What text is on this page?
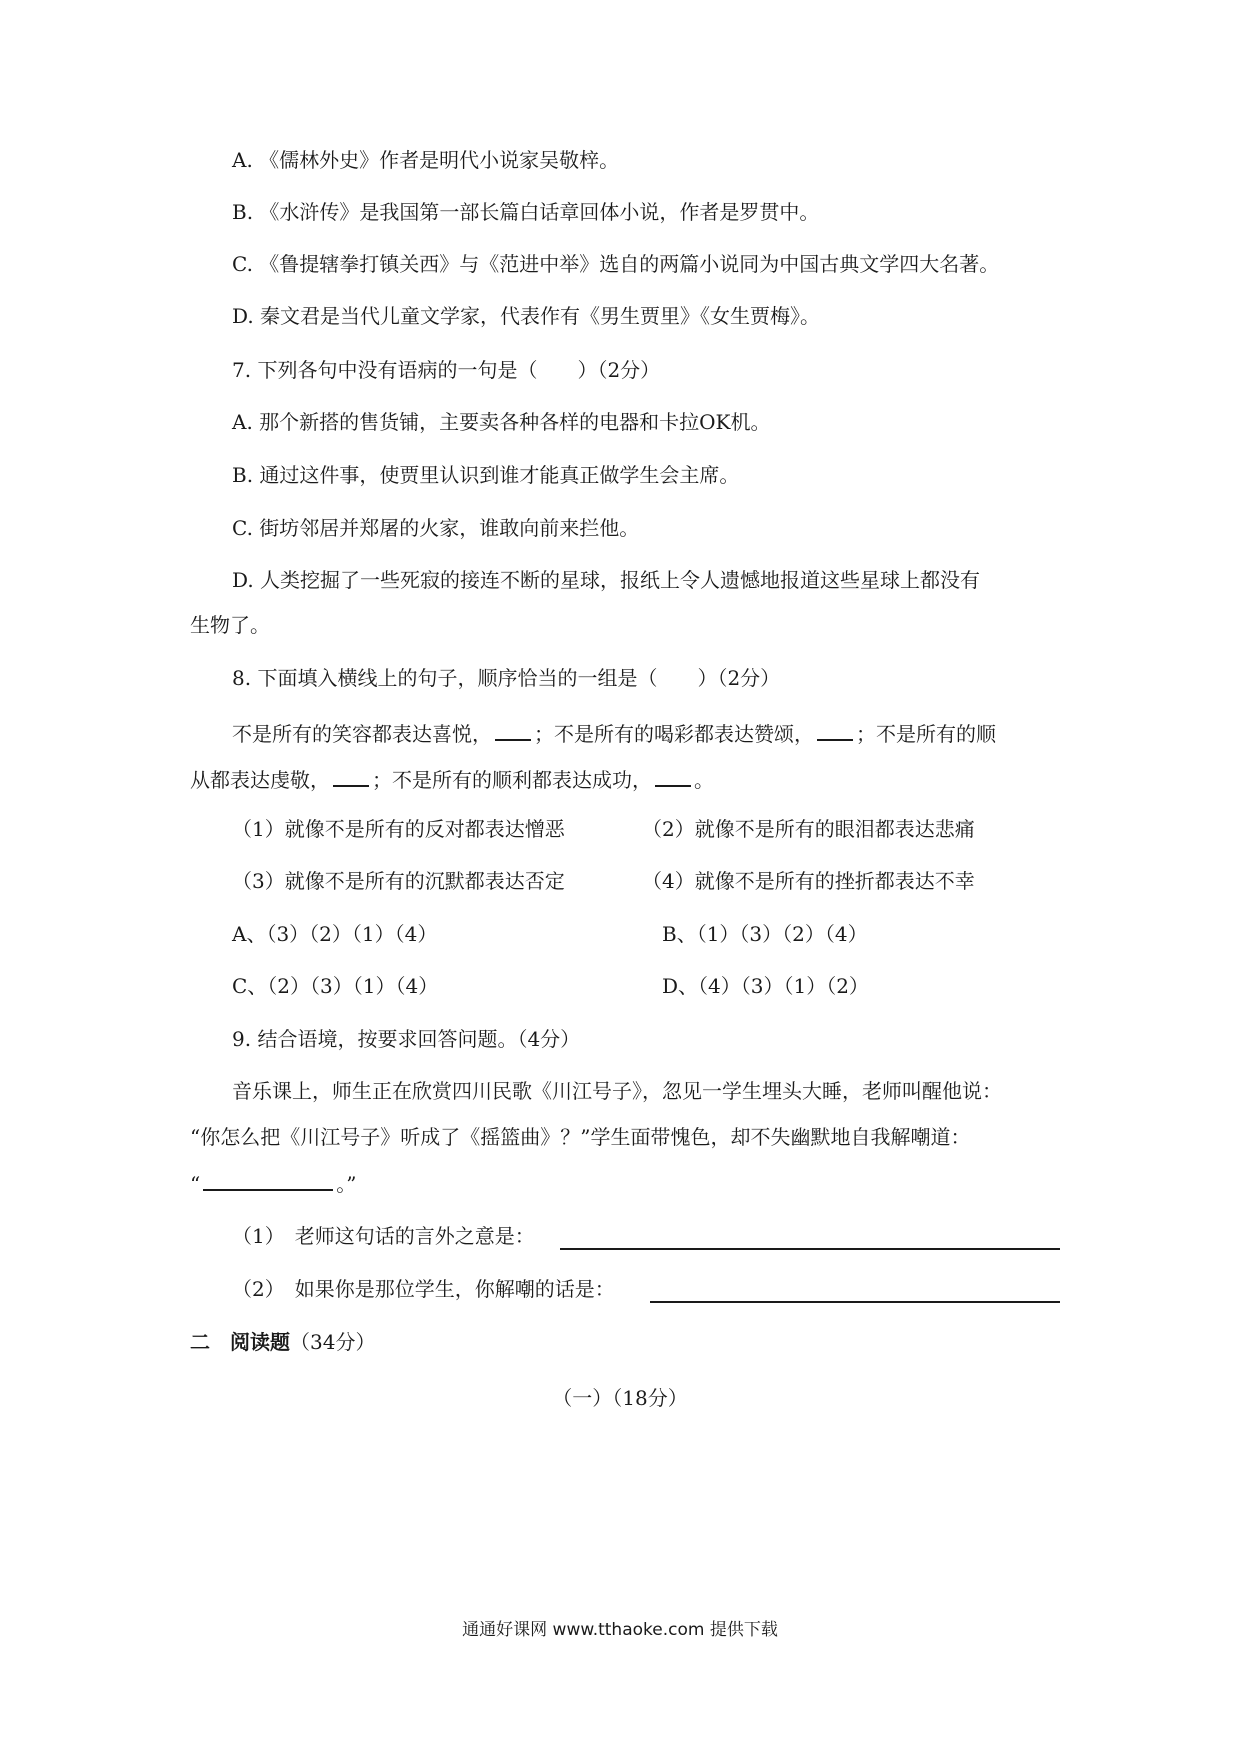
A. 《儒林外史》作者是明代小说家吴敬梓。
B. 《水浒传》是我国第一部长篇白话章回体小说，作者是罗贯中。
C. 《鲁提辖拳打镇关西》与《范进中举》选自的两篇小说同为中国古典文学四大名著。
D. 秦文君是当代儿童文学家，代表作有《男生贾里》《女生贾梅》。
7. 下列各句中没有语病的一句是（　　）（2分）
A. 那个新搭的售货铺，主要卖各种各样的电器和卡拉OK机。
B. 通过这件事，使贾里认识到谁才能真正做学生会主席。
C. 街坊邻居并郑屠的火家，谁敢向前来拦他。
D. 人类挖掘了一些死寂的接连不断的星球，报纸上令人遗憾地报道这些星球上都没有
生物了。
8. 下面填入横线上的句子，顺序恰当的一组是（　　）（2分）
不是所有的笑容都表达喜悦， ；不是所有的喝彩都表达赞颂， ；不是所有的顺
从都表达虔敬， ；不是所有的顺利都表达成功， 。
（1）就像不是所有的反对都表达憎恶	（2）就像不是所有的眼泪都表达悲痛
（3）就像不是所有的沉默都表达否定	（4）就像不是所有的挫折都表达不幸
A、（3）（2）（1）（4）	B、（1）（3）（2）（4）
C、（2）（3）（1）（4）	D、（4）（3）（1）（2）
9. 结合语境，按要求回答问题。（4分）
音乐课上，师生正在欣赏四川民歌《川江号子》，忽见一学生埋头大睡，老师叫醒他说：
“你怎么把《川江号子》听成了《摇篮曲》？”学生面带愧色，却不失幽默地自我解嘲道：
“	。”
（1）　老师这句话的言外之意是：
（2）　如果你是那位学生，你解嘲的话是：
二　阅读题（34分）
（一）（18分）
通通好课网 www.tthaoke.com 提供下载
